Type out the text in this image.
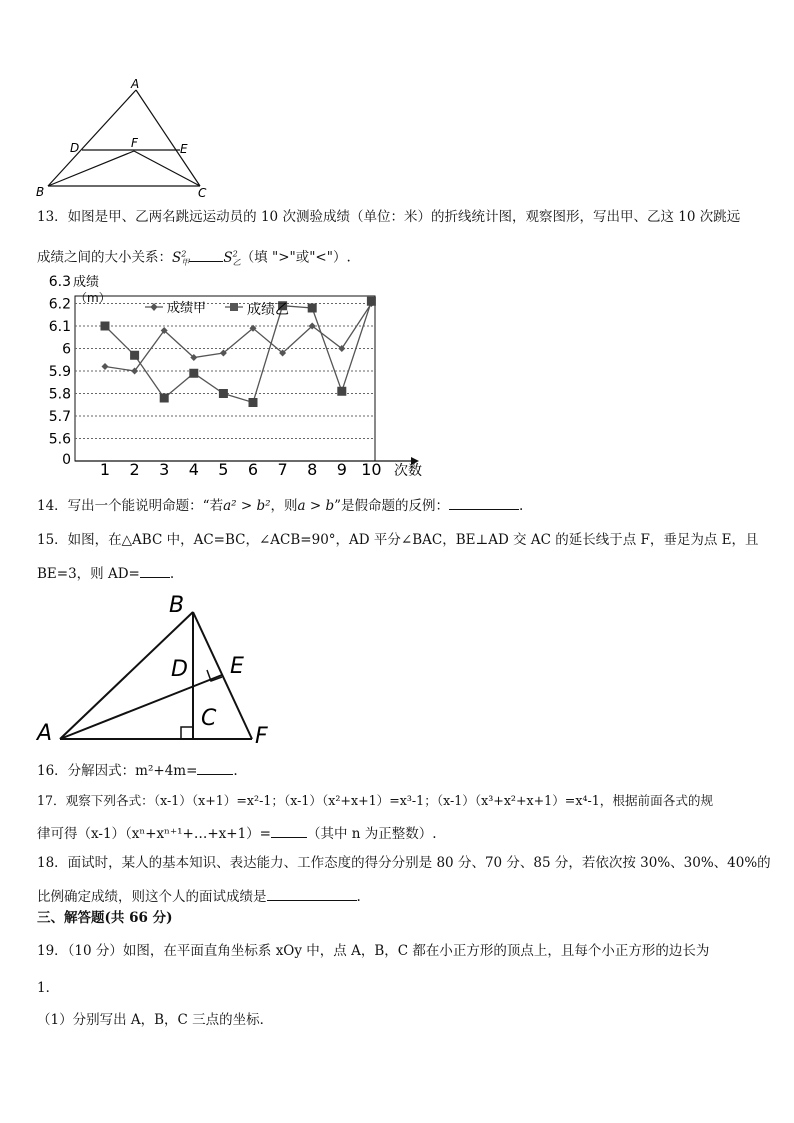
A
D	F	E
B	C
13．如图是甲、乙两名跳远运动员的 10 次测验成绩（单位：米）的折线统计图，观察图形，写出甲、乙这 10 次跳远
成绩之间的大小关系：$S^2_甲$	$S^2_乙$（填 ">"或"<"）.
成绩
（m）
0
5.6
5.7
5.8
5.9
6
6.1
6.2
6.3
1 2 3 4 5 6 7 8 9 10 次数
成绩甲	成绩乙
14．写出一个能说明命题：“若a² > b²，则a > b”是假命题的反例：	.
15．如图，在△ABC 中，AC=BC，∠ACB=90°，AD 平分∠BAC，BE⊥AD 交 AC 的延长线于点 F，垂足为点 E，且
BE=3，则 AD= .
B
D E
C
A	F
16．分解因式：m²+4m=	.
17．观察下列各式：（x-1）（x+1）=x²-1；（x-1）（x²+x+1）=x³-1；（x-1）（x³+x²+x+1）=x⁴-1，根据前面各式的规
律可得（x-1）（xⁿ+xⁿ⁺¹+…+x+1）=	（其中 n 为正整数）.
18．面试时，某人的基本知识、表达能力、工作态度的得分分别是 80 分、70 分、85 分，若依次按 30%、30%、40%的
比例确定成绩，则这个人的面试成绩是	.
三、解答题(共 66 分)
19．（10 分）如图，在平面直角坐标系 xOy 中，点 A，B，C 都在小正方形的顶点上，且每个小正方形的边长为
1．
（1）分别写出 A，B，C 三点的坐标．
